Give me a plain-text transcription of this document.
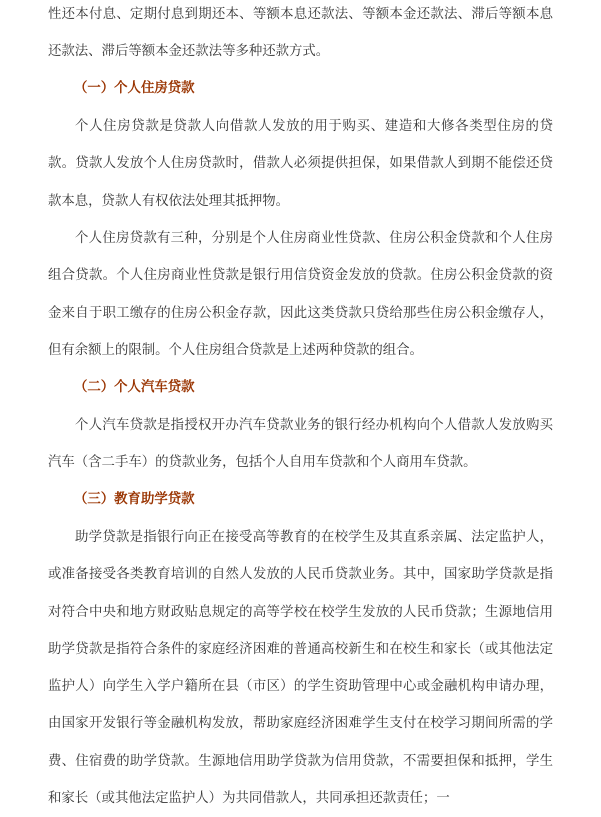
性还本付息、定期付息到期还本、等额本息还款法、等额本金还款法、滞后等额本息还款法、滞后等额本金还款法等多种还款方式。

（一）个人住房贷款

个人住房贷款是贷款人向借款人发放的用于购买、建造和大修各类型住房的贷款。贷款人发放个人住房贷款时，借款人必须提供担保，如果借款人到期不能偿还贷款本息，贷款人有权依法处理其抵押物。

个人住房贷款有三种，分别是个人住房商业性贷款、住房公积金贷款和个人住房组合贷款。个人住房商业性贷款是银行用信贷资金发放的贷款。住房公积金贷款的资金来自于职工缴存的住房公积金存款，因此这类贷款只贷给那些住房公积金缴存人，但有余额上的限制。个人住房组合贷款是上述两种贷款的组合。

（二）个人汽车贷款

个人汽车贷款是指授权开办汽车贷款业务的银行经办机构向个人借款人发放购买汽车（含二手车）的贷款业务，包括个人自用车贷款和个人商用车贷款。

（三）教育助学贷款

助学贷款是指银行向正在接受高等教育的在校学生及其直系亲属、法定监护人，或准备接受各类教育培训的自然人发放的人民币贷款业务。其中，国家助学贷款是指对符合中央和地方财政贴息规定的高等学校在校学生发放的人民币贷款；生源地信用助学贷款是指符合条件的家庭经济困难的普通高校新生和在校生和家长（或其他法定监护人）向学生入学户籍所在县（市区）的学生资助管理中心或金融机构申请办理，由国家开发银行等金融机构发放，帮助家庭经济困难学生支付在校学习期间所需的学费、住宿费的助学贷款。生源地信用助学贷款为信用贷款，不需要担保和抵押，学生和家长（或其他法定监护人）为共同借款人，共同承担还款责任；一
